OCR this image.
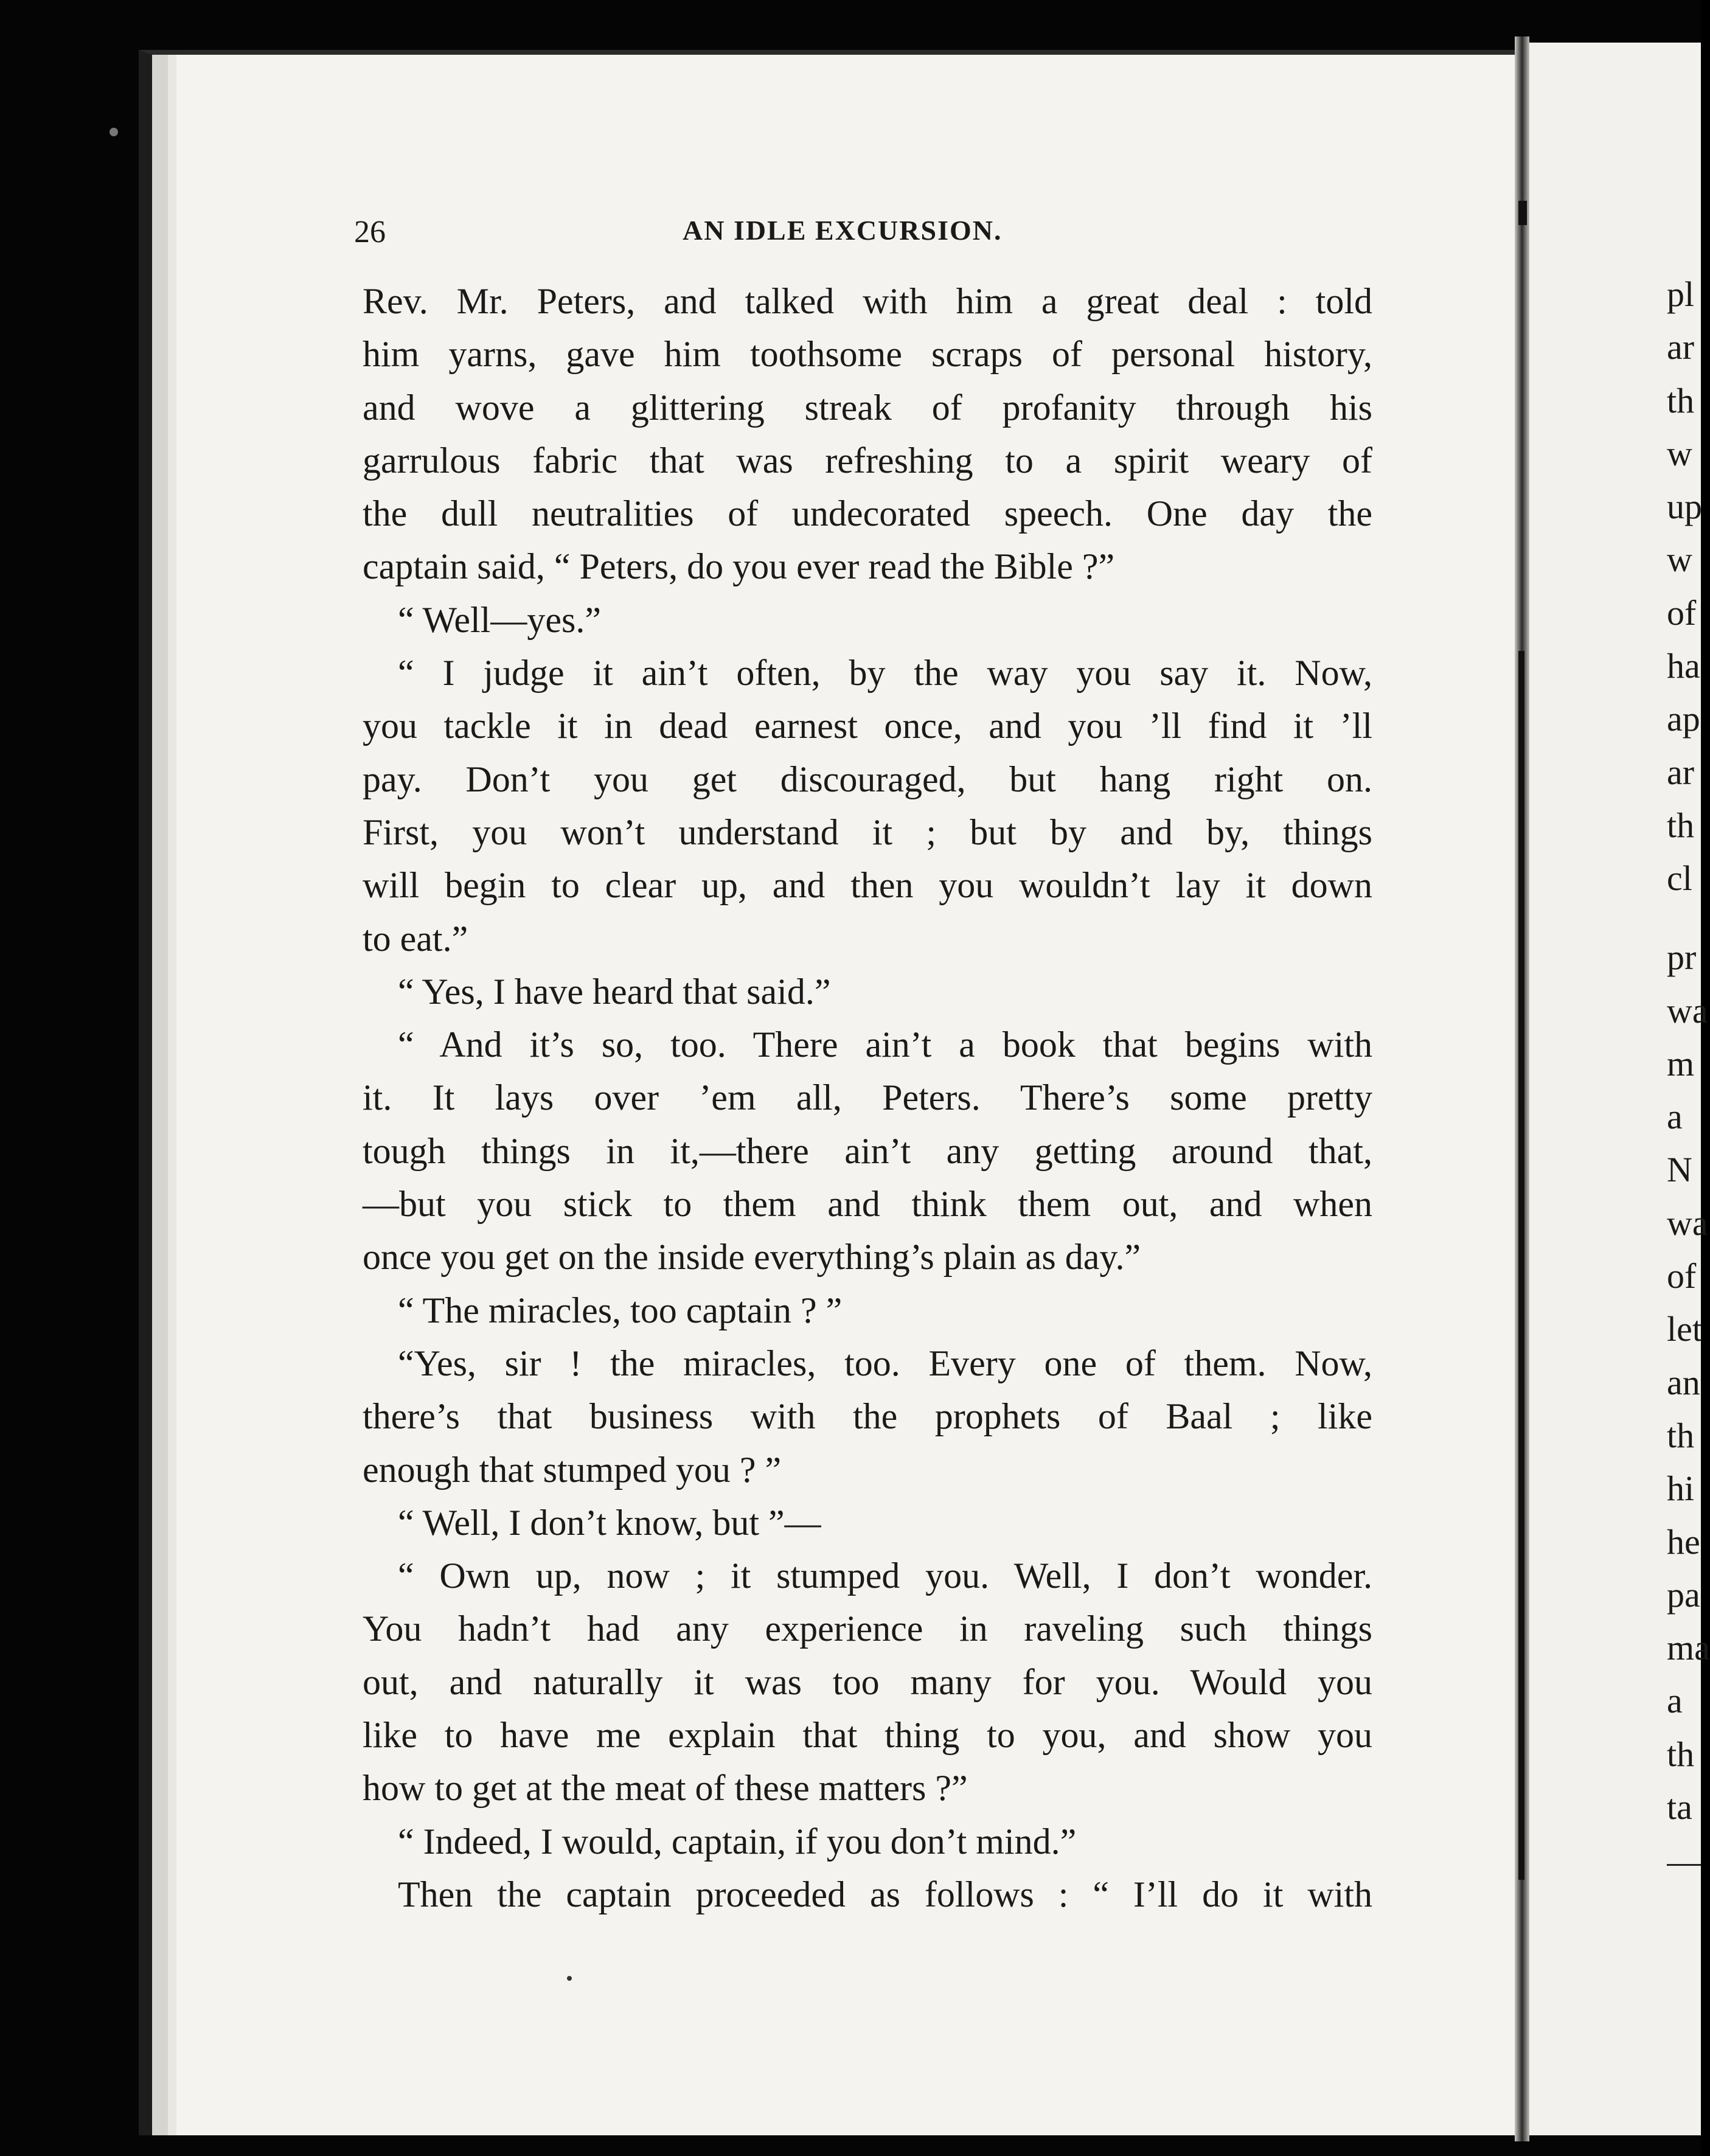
26	AN IDLE EXCURSION.
Rev. Mr. Peters, and talked with him a great deal : told
him yarns, gave him toothsome scraps of personal history,
and wove a glittering streak of profanity through his
garrulous fabric that was refreshing to a spirit weary of
the dull neutralities of undecorated speech. One day the
captain said, “ Peters, do you ever read the Bible ?”
“ Well—yes.”
“ I judge it ain’t often, by the way you say it. Now,
you tackle it in dead earnest once, and you ’ll find it ’ll
pay. Don’t you get discouraged, but hang right on.
First, you won’t understand it ; but by and by, things
will begin to clear up, and then you wouldn’t lay it down
to eat.”
“ Yes, I have heard that said.”
“ And it’s so, too. There ain’t a book that begins with
it. It lays over ’em all, Peters. There’s some pretty
tough things in it,—there ain’t any getting around that,
—but you stick to them and think them out, and when
once you get on the inside everything’s plain as day.”
“ The miracles, too captain ? ”
“Yes, sir ! the miracles, too. Every one of them. Now,
there’s that business with the prophets of Baal ; like
enough that stumped you ? ”
“ Well, I don’t know, but ”—
“ Own up, now ; it stumped you. Well, I don’t wonder.
You hadn’t had any experience in raveling such things
out, and naturally it was too many for you. Would you
like to have me explain that thing to you, and show you
how to get at the meat of these matters ?”
“ Indeed, I would, captain, if you don’t mind.”
Then the captain proceeded as follows : “ I’ll do it with
pl
ar
th
w
up
w
of
ha
ap
ar
th
cl
pr
wa
m
a
N
wa
of
let
an
th
hi
he
pa
ma
a
th
ta
